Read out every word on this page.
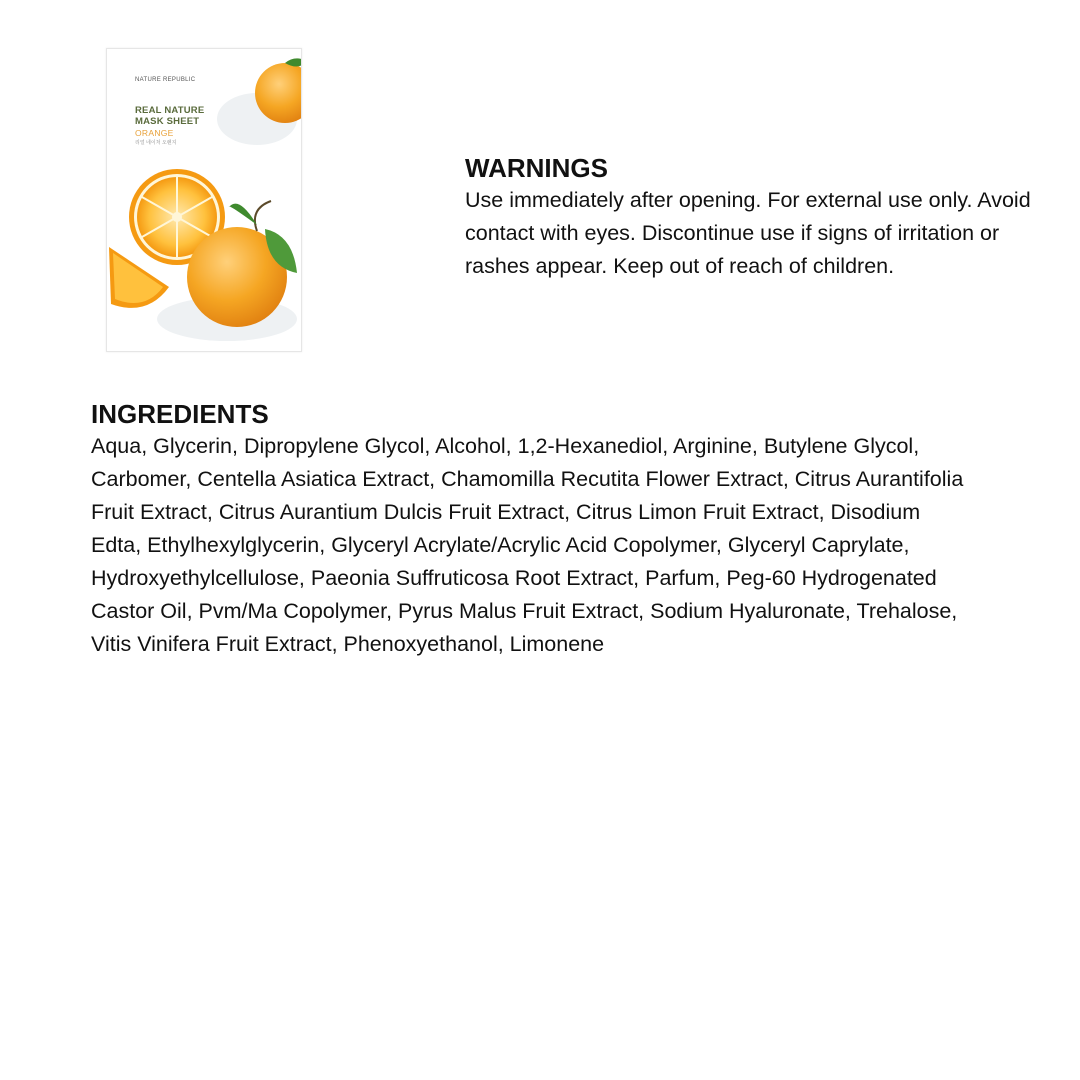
NATURE REPUBLIC
REAL NATURE
MASK SHEET
ORANGE
리얼 네이처 오렌지
WARNINGS

Use immediately after opening. For external use only. Avoid contact with eyes. Discontinue use if signs of irritation or rashes appear. Keep out of reach of children.

INGREDIENTS

Aqua, Glycerin, Dipropylene Glycol, Alcohol, 1,2-Hexanediol, Arginine, Butylene Glycol, Carbomer, Centella Asiatica Extract, Chamomilla Recutita Flower Extract, Citrus Aurantifolia Fruit Extract, Citrus Aurantium Dulcis Fruit Extract, Citrus Limon Fruit Extract, Disodium Edta, Ethylhexylglycerin, Glyceryl Acrylate/Acrylic Acid Copolymer, Glyceryl Caprylate, Hydroxyethylcellulose, Paeonia Suffruticosa Root Extract, Parfum, Peg-60 Hydrogenated Castor Oil, Pvm/Ma Copolymer, Pyrus Malus Fruit Extract, Sodium Hyaluronate, Trehalose, Vitis Vinifera Fruit Extract, Phenoxyethanol, Limonene
